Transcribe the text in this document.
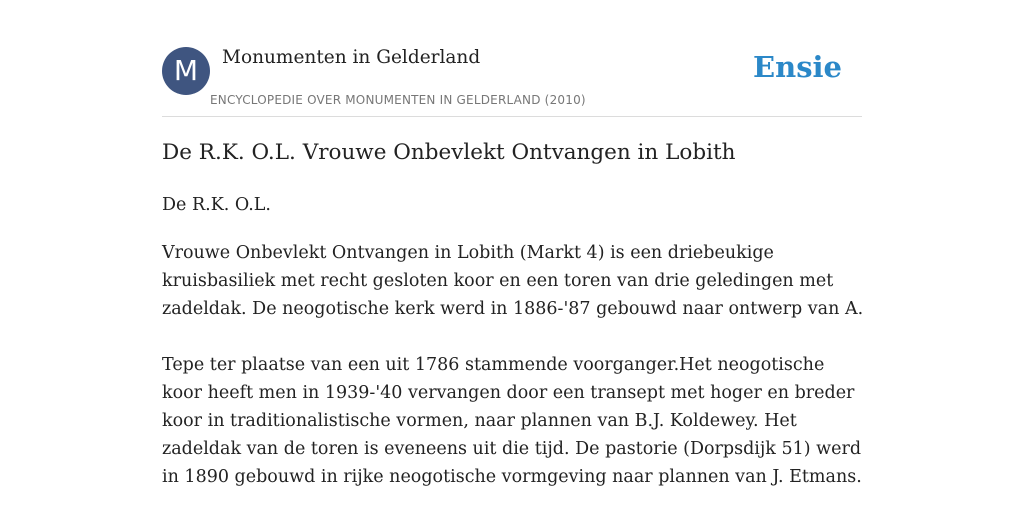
M	Monumenten in Gelderland
ENCYCLOPEDIE OVER MONUMENTEN IN GELDERLAND (2010)
Ensie
De R.K. O.L. Vrouwe Onbevlekt Ontvangen in Lobith

De R.K. O.L.

Vrouwe Onbevlekt Ontvangen in Lobith (Markt 4) is een driebeukige kruisbasiliek met recht gesloten koor en een toren van drie geledingen met zadeldak. De neogotische kerk werd in 1886-'87 gebouwd naar ontwerp van A.

Tepe ter plaatse van een uit 1786 stammende voorganger.Het neogotische koor heeft men in 1939-'40 vervangen door een transept met hoger en breder koor in traditionalistische vormen, naar plannen van B.J. Koldewey. Het zadeldak van de toren is eveneens uit die tijd. De pastorie (Dorpsdijk 51) werd in 1890 gebouwd in rijke neogotische vormgeving naar plannen van J. Etmans.
